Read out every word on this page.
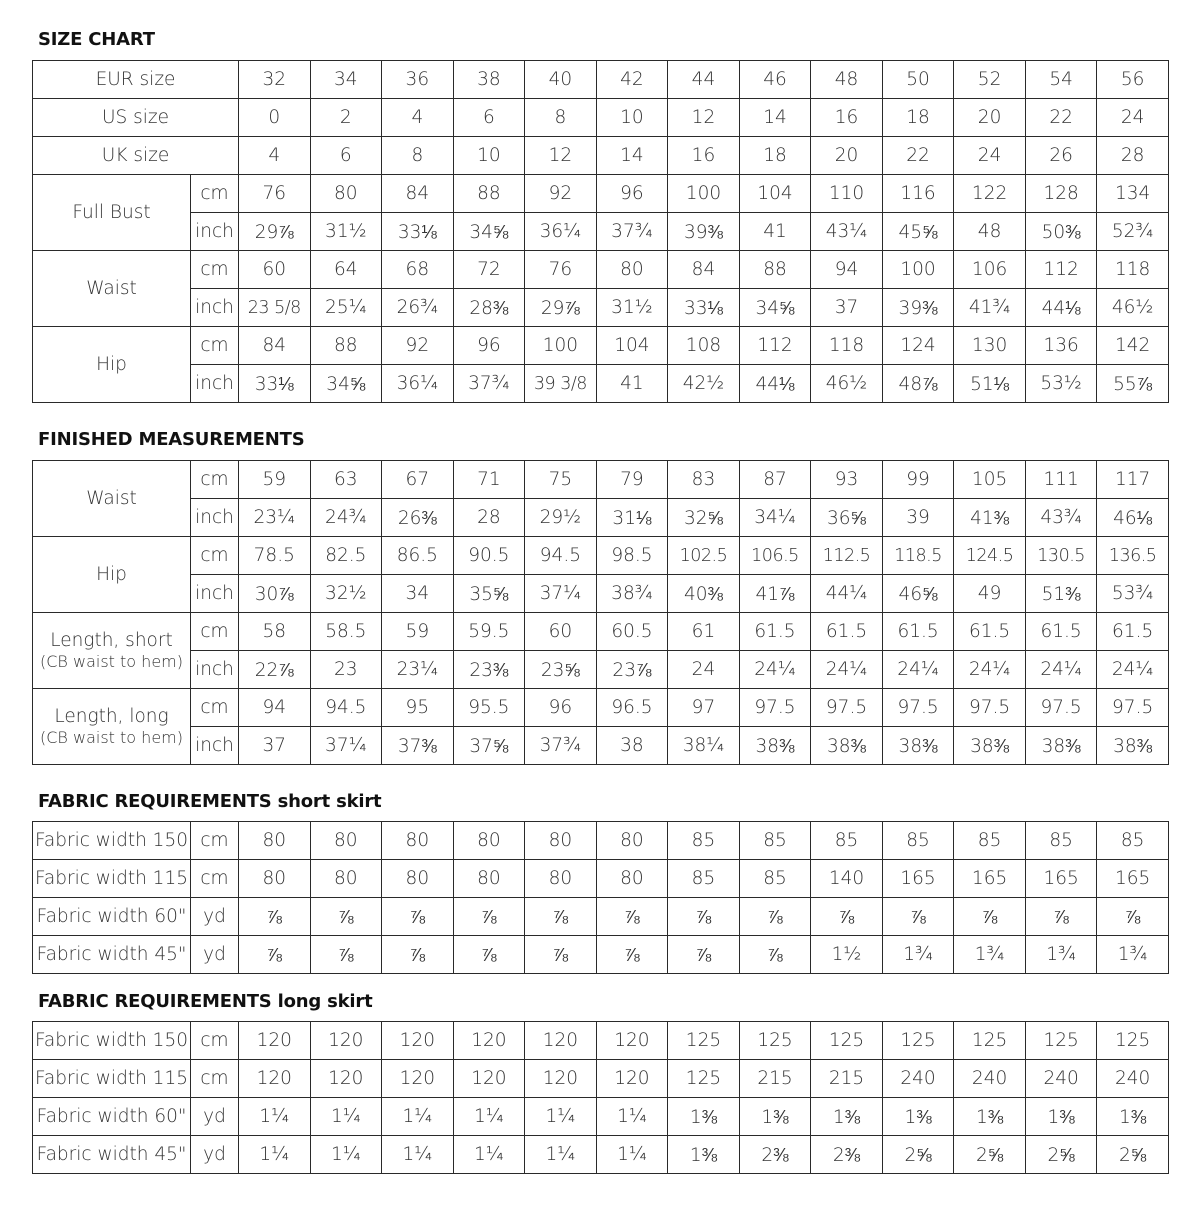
SIZE CHART
EUR size		32	34	36	38	40	42	44	46	48	50	52	54	56
US size		0	2	4	6	8	10	12	14	16	18	20	22	24
UK size		4	6	8	10	12	14	16	18	20	22	24	26	28

Full Bust	cm	76	80	84	88	92	96	100	104	110	116	122	128	134
	inch	29⅞	31½	33⅛	34⅝	36¼	37¾	39⅜	41	43¼	45⅝	48	50⅜	52¾

Waist	cm	60	64	68	72	76	80	84	88	94	100	106	112	118
	inch	23 5/8	25¼	26¾	28⅜	29⅞	31½	33⅛	34⅝	37	39⅜	41¾	44⅛	46½

Hip	cm	84	88	92	96	100	104	108	112	118	124	130	136	142
	inch	33⅛	34⅝	36¼	37¾	39 3/8	41	42½	44⅛	46½	48⅞	51⅛	53½	55⅞
FINISHED MEASUREMENTS
Waist	cm	59	63	67	71	75	79	83	87	93	99	105	111	117
	inch	23¼	24¾	26⅜	28	29½	31⅛	32⅝	34¼	36⅝	39	41⅜	43¾	46⅛

Hip	cm	78.5	82.5	86.5	90.5	94.5	98.5	102.5	106.5	112.5	118.5	124.5	130.5	136.5
	inch	30⅞	32½	34	35⅝	37¼	38¾	40⅜	41⅞	44¼	46⅝	49	51⅜	53¾

Length, short
(CB waist to hem)	cm	58	58.5	59	59.5	60	60.5	61	61.5	61.5	61.5	61.5	61.5	61.5
	inch	22⅞	23	23¼	23⅜	23⅝	23⅞	24	24¼	24¼	24¼	24¼	24¼	24¼

Length, long
(CB waist to hem)	cm	94	94.5	95	95.5	96	96.5	97	97.5	97.5	97.5	97.5	97.5	97.5
	inch	37	37¼	37⅜	37⅝	37¾	38	38¼	38⅜	38⅜	38⅜	38⅜	38⅜	38⅜
FABRIC REQUIREMENTS short skirt
Fabric width 150	cm	80	80	80	80	80	80	85	85	85	85	85	85	85
Fabric width 115	cm	80	80	80	80	80	80	85	85	140	165	165	165	165
Fabric width 60"	yd	⅞	⅞	⅞	⅞	⅞	⅞	⅞	⅞	⅞	⅞	⅞	⅞	⅞
Fabric width 45"	yd	⅞	⅞	⅞	⅞	⅞	⅞	⅞	⅞	1½	1¾	1¾	1¾	1¾
FABRIC REQUIREMENTS long skirt
Fabric width 150	cm	120	120	120	120	120	120	125	125	125	125	125	125	125
Fabric width 115	cm	120	120	120	120	120	120	125	215	215	240	240	240	240
Fabric width 60"	yd	1¼	1¼	1¼	1¼	1¼	1¼	1⅜	1⅜	1⅜	1⅜	1⅜	1⅜	1⅜
Fabric width 45"	yd	1¼	1¼	1¼	1¼	1¼	1¼	1⅜	2⅜	2⅜	2⅝	2⅝	2⅝	2⅝
